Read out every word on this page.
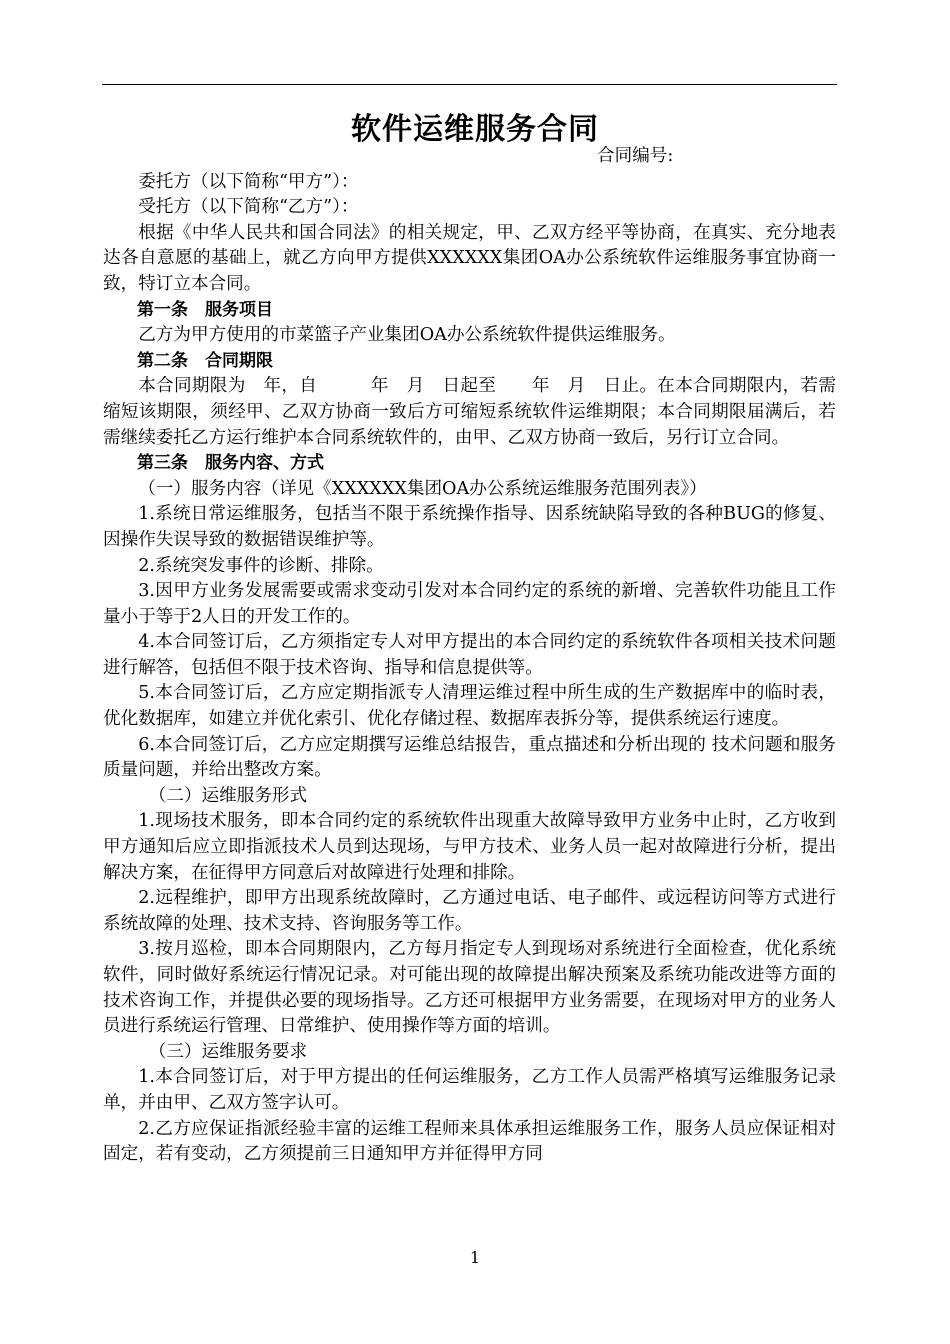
软件运维服务合同

合同编号:

委托方（以下简称“甲方”）：

受托方（以下简称“乙方”）：

根据《中华人民共和国合同法》的相关规定，甲、乙双方经平等协商，在真实、充分地表达各自意愿的基础上，就乙方向甲方提供XXXXXX集团OA办公系统软件运维服务事宜协商一致，特订立本合同。

第一条　服务项目

乙方为甲方使用的市菜篮子产业集团OA办公系统软件提供运维服务。

第二条　合同期限

本合同期限为　年，自　　　年　月　日起至　　年　月　日止。在本合同期限内，若需缩短该期限，须经甲、乙双方协商一致后方可缩短系统软件运维期限；本合同期限届满后，若需继续委托乙方运行维护本合同系统软件的，由甲、乙双方协商一致后，另行订立合同。

第三条　服务内容、方式

（一）服务内容（详见《XXXXXX集团OA办公系统运维服务范围列表》）

1.系统日常运维服务，包括当不限于系统操作指导、因系统缺陷导致的各种BUG的修复、因操作失误导致的数据错误维护等。

2.系统突发事件的诊断、排除。

3.因甲方业务发展需要或需求变动引发对本合同约定的系统的新增、完善软件功能且工作量小于等于2人日的开发工作的。

4.本合同签订后，乙方须指定专人对甲方提出的本合同约定的系统软件各项相关技术问题进行解答，包括但不限于技术咨询、指导和信息提供等。

5.本合同签订后，乙方应定期指派专人清理运维过程中所生成的生产数据库中的临时表，优化数据库，如建立并优化索引、优化存储过程、数据库表拆分等，提供系统运行速度。

6.本合同签订后，乙方应定期撰写运维总结报告，重点描述和分析出现的 技术问题和服务质量问题，并给出整改方案。

（二）运维服务形式

1.现场技术服务，即本合同约定的系统软件出现重大故障导致甲方业务中止时，乙方收到甲方通知后应立即指派技术人员到达现场，与甲方技术、业务人员一起对故障进行分析，提出解决方案，在征得甲方同意后对故障进行处理和排除。

2.远程维护，即甲方出现系统故障时，乙方通过电话、电子邮件、或远程访问等方式进行系统故障的处理、技术支持、咨询服务等工作。

3.按月巡检，即本合同期限内，乙方每月指定专人到现场对系统进行全面检查，优化系统软件，同时做好系统运行情况记录。对可能出现的故障提出解决预案及系统功能改进等方面的技术咨询工作，并提供必要的现场指导。乙方还可根据甲方业务需要，在现场对甲方的业务人员进行系统运行管理、日常维护、使用操作等方面的培训。

（三）运维服务要求

1.本合同签订后，对于甲方提出的任何运维服务，乙方工作人员需严格填写运维服务记录单，并由甲、乙双方签字认可。

2.乙方应保证指派经验丰富的运维工程师来具体承担运维服务工作，服务人员应保证相对固定，若有变动，乙方须提前三日通知甲方并征得甲方同

1
